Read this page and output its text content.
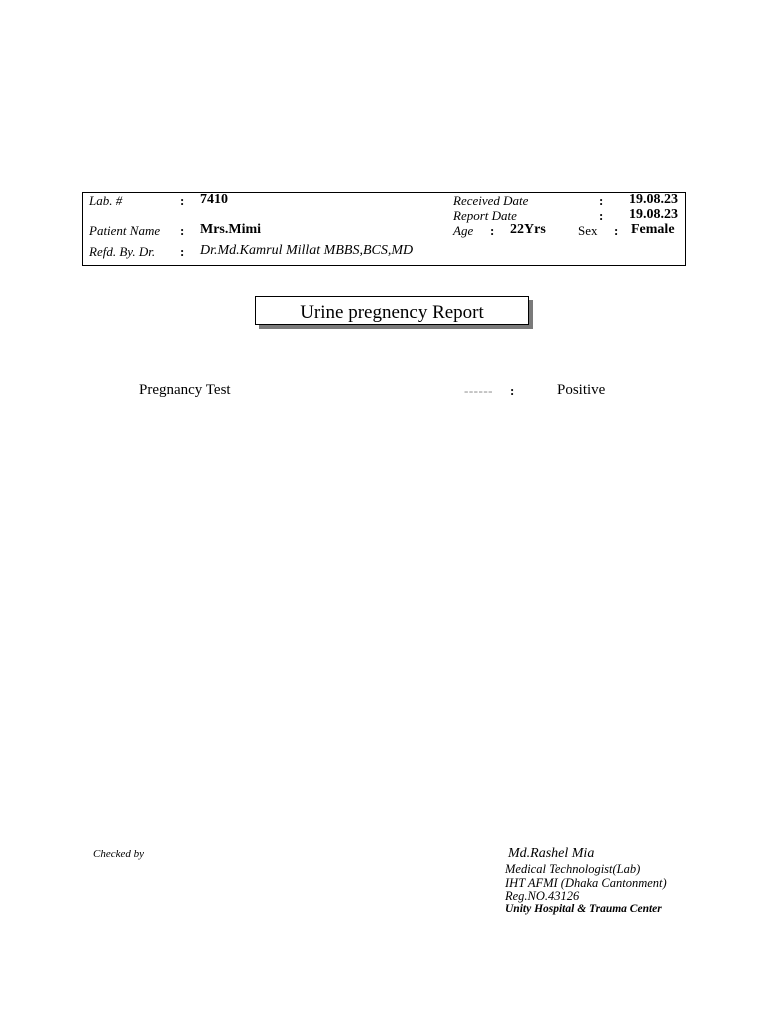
Lab. #	: 7410
Patient Name : Mrs.Mimi
Refd. By. Dr. : Dr.Md.Kamrul Millat MBBS,BCS,MD
Received Date	: 19.08.23
Report Date	: 19.08.23
Age : 22Yrs Sex : Female
Urine pregnency Report
Pregnancy Test	------ :	Positive
Checked by	Md.Rashel Mia
Medical Technologist(Lab)
IHT AFMI (Dhaka Cantonment)
Reg.NO.43126
Unity Hospital & Trauma Center
